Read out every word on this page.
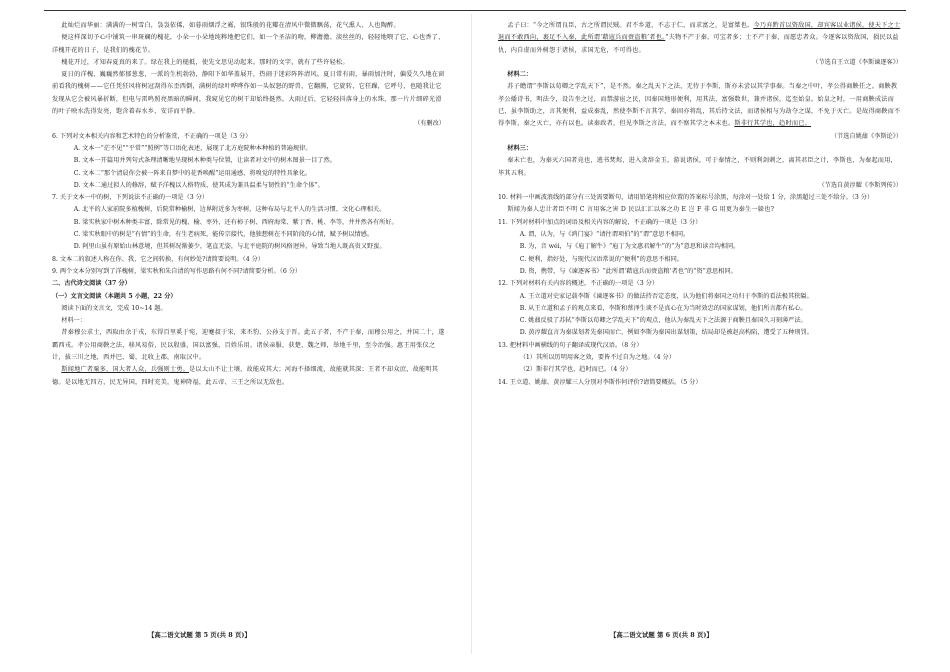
此灿烂而华丽：满满的一树雪白，袅袅依俙，如暮雨烟浮之霧，银珠般的花瓣在清风中微微飘荡，花气熏人、人也陶醉。

便这样深切予心中铺筑一串斑斓的槐花，小朵一小朵地纯粹地把它们，如一个圣洁的吻，柳澹澹、淡丝丝的，轻轻地喂了它，心也香了，洋槐开花的日子，是我们的槐花节。

槐花开过，才知春夏真的来了。绿在我上的槌抵，使先文思见动起来。那时的文字，就有了些许轻松。

夏日的洋槐，巍巍然郁郁葱葱，一派的生机勃勃，静阳下如华盖展开，热闹于迷彩阵阵清风。夏日常有雨，暴雨加注时，偏爱久久地在窗前看我的槐树——它任凭狂风将树冠刮得东歪西倒，满树的绿叶哗哗作如一头奴怒的野兽，它翻腾，它旋转，它狂躁，它呼号，也随我让它发现从它会被风暴折断，但电与雷鸣照亮黑暗的瞬间，我窥见它的树干却始终挺然。大雨过后，它轻轻抖落身上的水珠，那一片片细碎光滑的叶子映水洗得发亮，饱含着春水乡，安详而平静。

（有删改）

6. 下列对文本相关内容和艺术特色的分析鉴赏，不正确的一项是（3 分）

A. 文本一“茫不见”“平常”“照例”等口语化表述，展现了北方庭院种本种植的普遍规律。

B. 文本一开篇用并列句式条理清晰地呈现树木种类与位置，让读者对文中的树木图景一目了然。

C. 文本二“那个清晨你会被一阵来自梦中的花香唤醒”运用通感，将嗅觉的特性具象化。

D. 文本二通过拟人的修辞，赋予洋槐以人格特质，使其成为兼具温柔与韧性的“生命个体”。

7. 关于文本一中的树，下列说法不正确的一项是（3 分）

A. 北平的人家前院多植槐树，后院常种榆树，边界附近多为枣树，这种布局与北平人的生活习惯、文化心理相关。

B. 梁实秋家中树木种类丰富，除常见的槐、榆、枣外，还有柿子树、西府海棠、紫丁香、桃、李等，井井然各有所好。

C. 梁实秋眼中的树是“有情”的生命，有生老病死，能传宗接代，他独想树在不同阶段的心情，赋予树以情感。

D. 阿里山虽有原始山林意境，但其树况渐萎少，笔直无姿，与北平庭院的树风格迥异，导致当地人既高贵又野蛮。

8. 文本二的叙述人称在你、我、它之间转换，有何妙处?请简要说明。（4 分）

9. 两个文本分别写到了洋槐树，梁实秋和朱自清的写作思路有何不同?请简要分析。（6 分）

二、古代诗文阅读（37 分）

（一）文言文阅读（本题共 5 小题，22 分）

阅读下面的文言文，完成 10~14 题。

材料一：

昔秦穆公求士，西取由余于戎，东得百里奚于宛，迎蹇叔于宋，来丕豹、公孙支于晋。此五子者，不产于秦，而穆公用之，并国二十，遂霸西戎。孝公用商鞅之法，移风易俗，民以殷盛，国以富强，百姓乐用，诸侯亲服，获楚、魏之师，举地千里，至今治强。惠王用张仪之计，拔三川之地，西并巴、蜀，北收上郡，南取汉中。

斯闻地广者粟多，国大者人众，兵强则士勇。是以太山不让土壤，故能成其大；河海不择细流，故能就其深；王者不却众庶，故能明其德。是以地无四方，民无异国，四时充美，鬼神降福，此五帝、三王之所以无敌也。

【高二语文试题 第 5 页(共 8 页)】

孟子曰：“今之所谓良臣，古之所谓民贼。君不乡道，不志于仁，而求富之，是富桀也。今乃弃黔首以资敌国，却宾客以业诸侯，使天下之士退而不敢西向，裹足不入秦，此所谓‘藉寇兵而赍盗粮’者也。”夫物不产于秦，可宝者多；士不产于秦，而愿忠者众。今逐客以资敌国，损民以益仇，内自虚而外树怨于诸侯，求国无危，不可得也。

（节选自王立道《李斯谏逐客》）

材料二：

苏子瞻谓“李斯以荀卿之学乱天下”，是不然。秦之乱天下之法，无待于李斯，斯亦未尝以其学事秦。当秦之中叶，孝公得商鞅任之。商鞅教孝公燔诗书，明法令，设告坐之过，而禁游宦之民，因秦国地形便利，用其法，富强数世，兼并诸侯，迄至始皇。始皇之时，一用商鞅成法而已，虽李斯助之，言其便利，益成秦乱，然使李斯不言其学，秦固亦将乱，其后持文法，而诸侯相与为劫夺之谋，不免于灭亡。是故得商鞅而不得李斯，秦之灭亡，亦有以也。读秦政者，但见李斯之言法，而不察其学之本末也。斯非行其学也，趋时而已。

（节选自姚鼐《李斯论》）

材料三：

秦未亡也，为秦灭六国者竟也，逃书焚烬，进入贪辞金玉，游说诸侯，可于秦情之，不则利剑刺之，离其君臣之计，李斯也，为秦起而用，毕其五利。

（节选自黄淳耀《李斯列传》）

10. 材料一中画波浪线的部分有三处需要断句，请用铅笔将相应位置的答案标号涂黑，每涂对一处给 1 分，涂黑超过三处不给分。（3 分）

斯闻为秦人忠计者臣不明 C 言用客之害 D 民以汇汇以客之功 E 岂 F 非 G 用更为秦生一躲也?

11. 下列对材料中加点的词语及相关内容的解说，不正确的一项是（3 分）

A. 谓，认为，与《鸿门宴》“请往谓项伯”的“谓”意思不相同。

B. 为，音 wéi，与《庖丁解牛》“庖丁为文惠君解牛”的“为”意思和读音均相同。

C. 便利，指好处，与现代汉语常说的“便利”的意思不相同。

D. 资，携带，与《谏逐客书》“此所谓‘藉寇兵而赍盗粮’者也”的“资”意思相同。

12. 下列对材料有关内容的概述，不正确的一项是（3 分）

A. 王立道对史家记载李斯《谏逐客书》的做法持否定态度，认为他们将秦国之功归于李斯的看法极其狭隘。

B. 从王立道和孟子的观点来看，李斯和蔡泽生谈不是真心在为当时效忠的国家谋划，他们所言都有私心。

C. 姚鼐反驳了苏轼“李斯以荀卿之学乱天下”的观点，他认为秦乱天下之法源于商鞅且秦国久习刻薄严法。

D. 黄淳耀直言为秦谋划者先秦国而亡，例如李斯为秦国出谋划策，结局却是被赵高构陷，遭受了五种刑罚。

13. 把材料中画横线的句子翻译成现代汉语。（8 分）

（1）其所以历明用客之效，要皆不过自为之地。（4 分）

（2）斯非行其学也，趋时而已。（4 分）

14. 王立道、姚鼐、黄淳耀三人分别对李斯作何评价?请简要概括。（5 分）

【高二语文试题 第 6 页(共 8 页)】
